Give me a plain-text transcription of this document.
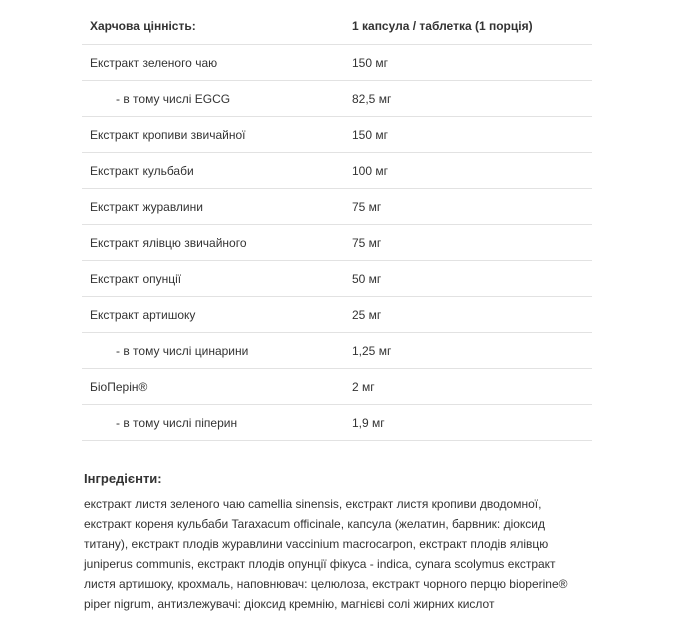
Харчова цінність:	1 капсула / таблетка (1 порція)
Екстракт зеленого чаю	150 мг
- в тому числі EGCG	82,5 мг
Екстракт кропиви звичайної	150 мг
Екстракт кульбаби	100 мг
Екстракт журавлини	75 мг
Екстракт ялівцю звичайного	75 мг
Екстракт опунції	50 мг
Екстракт артишоку	25 мг
- в тому числі цинарини	1,25 мг
БіоПерін®	2 мг
- в тому числі піперин	1,9 мг
Інгредієнти:

екстракт листя зеленого чаю camellia sinensis, екстракт листя кропиви дводомної, екстракт кореня кульбаби Taraxacum officinale, капсула (желатин, барвник: діоксид титану), екстракт плодів журавлини vaccinium macrocarpon, екстракт плодів ялівцю juniperus communis, екстракт плодів опунції фікуса - indica, cynara scolymus екстракт листя артишоку, крохмаль, наповнювач: целюлоза, екстракт чорного перцю bioperine® piper nigrum, антизлежувачі: діоксид кремнію, магнієві солі жирних кислот
